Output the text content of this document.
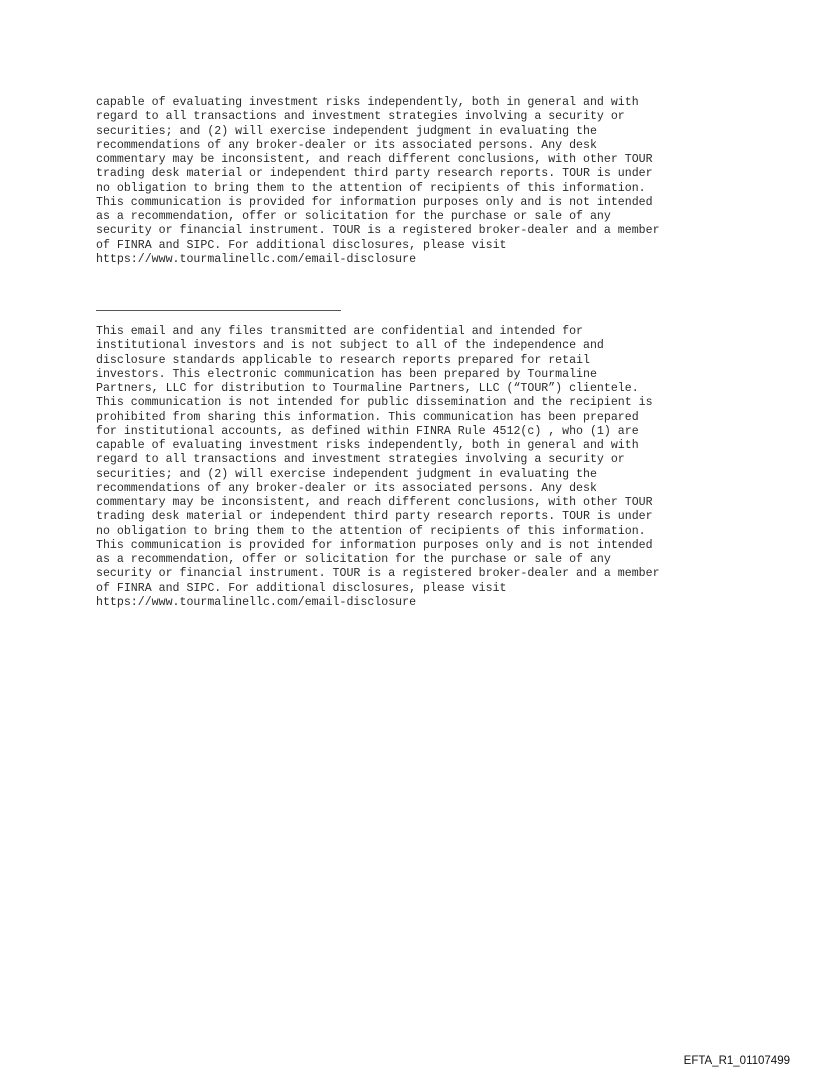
capable of evaluating investment risks independently, both in general and with
regard to all transactions and investment strategies involving a security or
securities; and (2) will exercise independent judgment in evaluating the
recommendations of any broker-dealer or its associated persons. Any desk
commentary may be inconsistent, and reach different conclusions, with other TOUR
trading desk material or independent third party research reports. TOUR is under
no obligation to bring them to the attention of recipients of this information.
This communication is provided for information purposes only and is not intended
as a recommendation, offer or solicitation for the purchase or sale of any
security or financial instrument. TOUR is a registered broker-dealer and a member
of FINRA and SIPC. For additional disclosures, please visit
https://www.tourmalinellc.com/email-disclosure
This email and any files transmitted are confidential and intended for
institutional investors and is not subject to all of the independence and
disclosure standards applicable to research reports prepared for retail
investors. This electronic communication has been prepared by Tourmaline
Partners, LLC for distribution to Tourmaline Partners, LLC (“TOUR”) clientele.
This communication is not intended for public dissemination and the recipient is
prohibited from sharing this information. This communication has been prepared
for institutional accounts, as defined within FINRA Rule 4512(c) , who (1) are
capable of evaluating investment risks independently, both in general and with
regard to all transactions and investment strategies involving a security or
securities; and (2) will exercise independent judgment in evaluating the
recommendations of any broker-dealer or its associated persons. Any desk
commentary may be inconsistent, and reach different conclusions, with other TOUR
trading desk material or independent third party research reports. TOUR is under
no obligation to bring them to the attention of recipients of this information.
This communication is provided for information purposes only and is not intended
as a recommendation, offer or solicitation for the purchase or sale of any
security or financial instrument. TOUR is a registered broker-dealer and a member
of FINRA and SIPC. For additional disclosures, please visit
https://www.tourmalinellc.com/email-disclosure
EFTA_R1_01107499
